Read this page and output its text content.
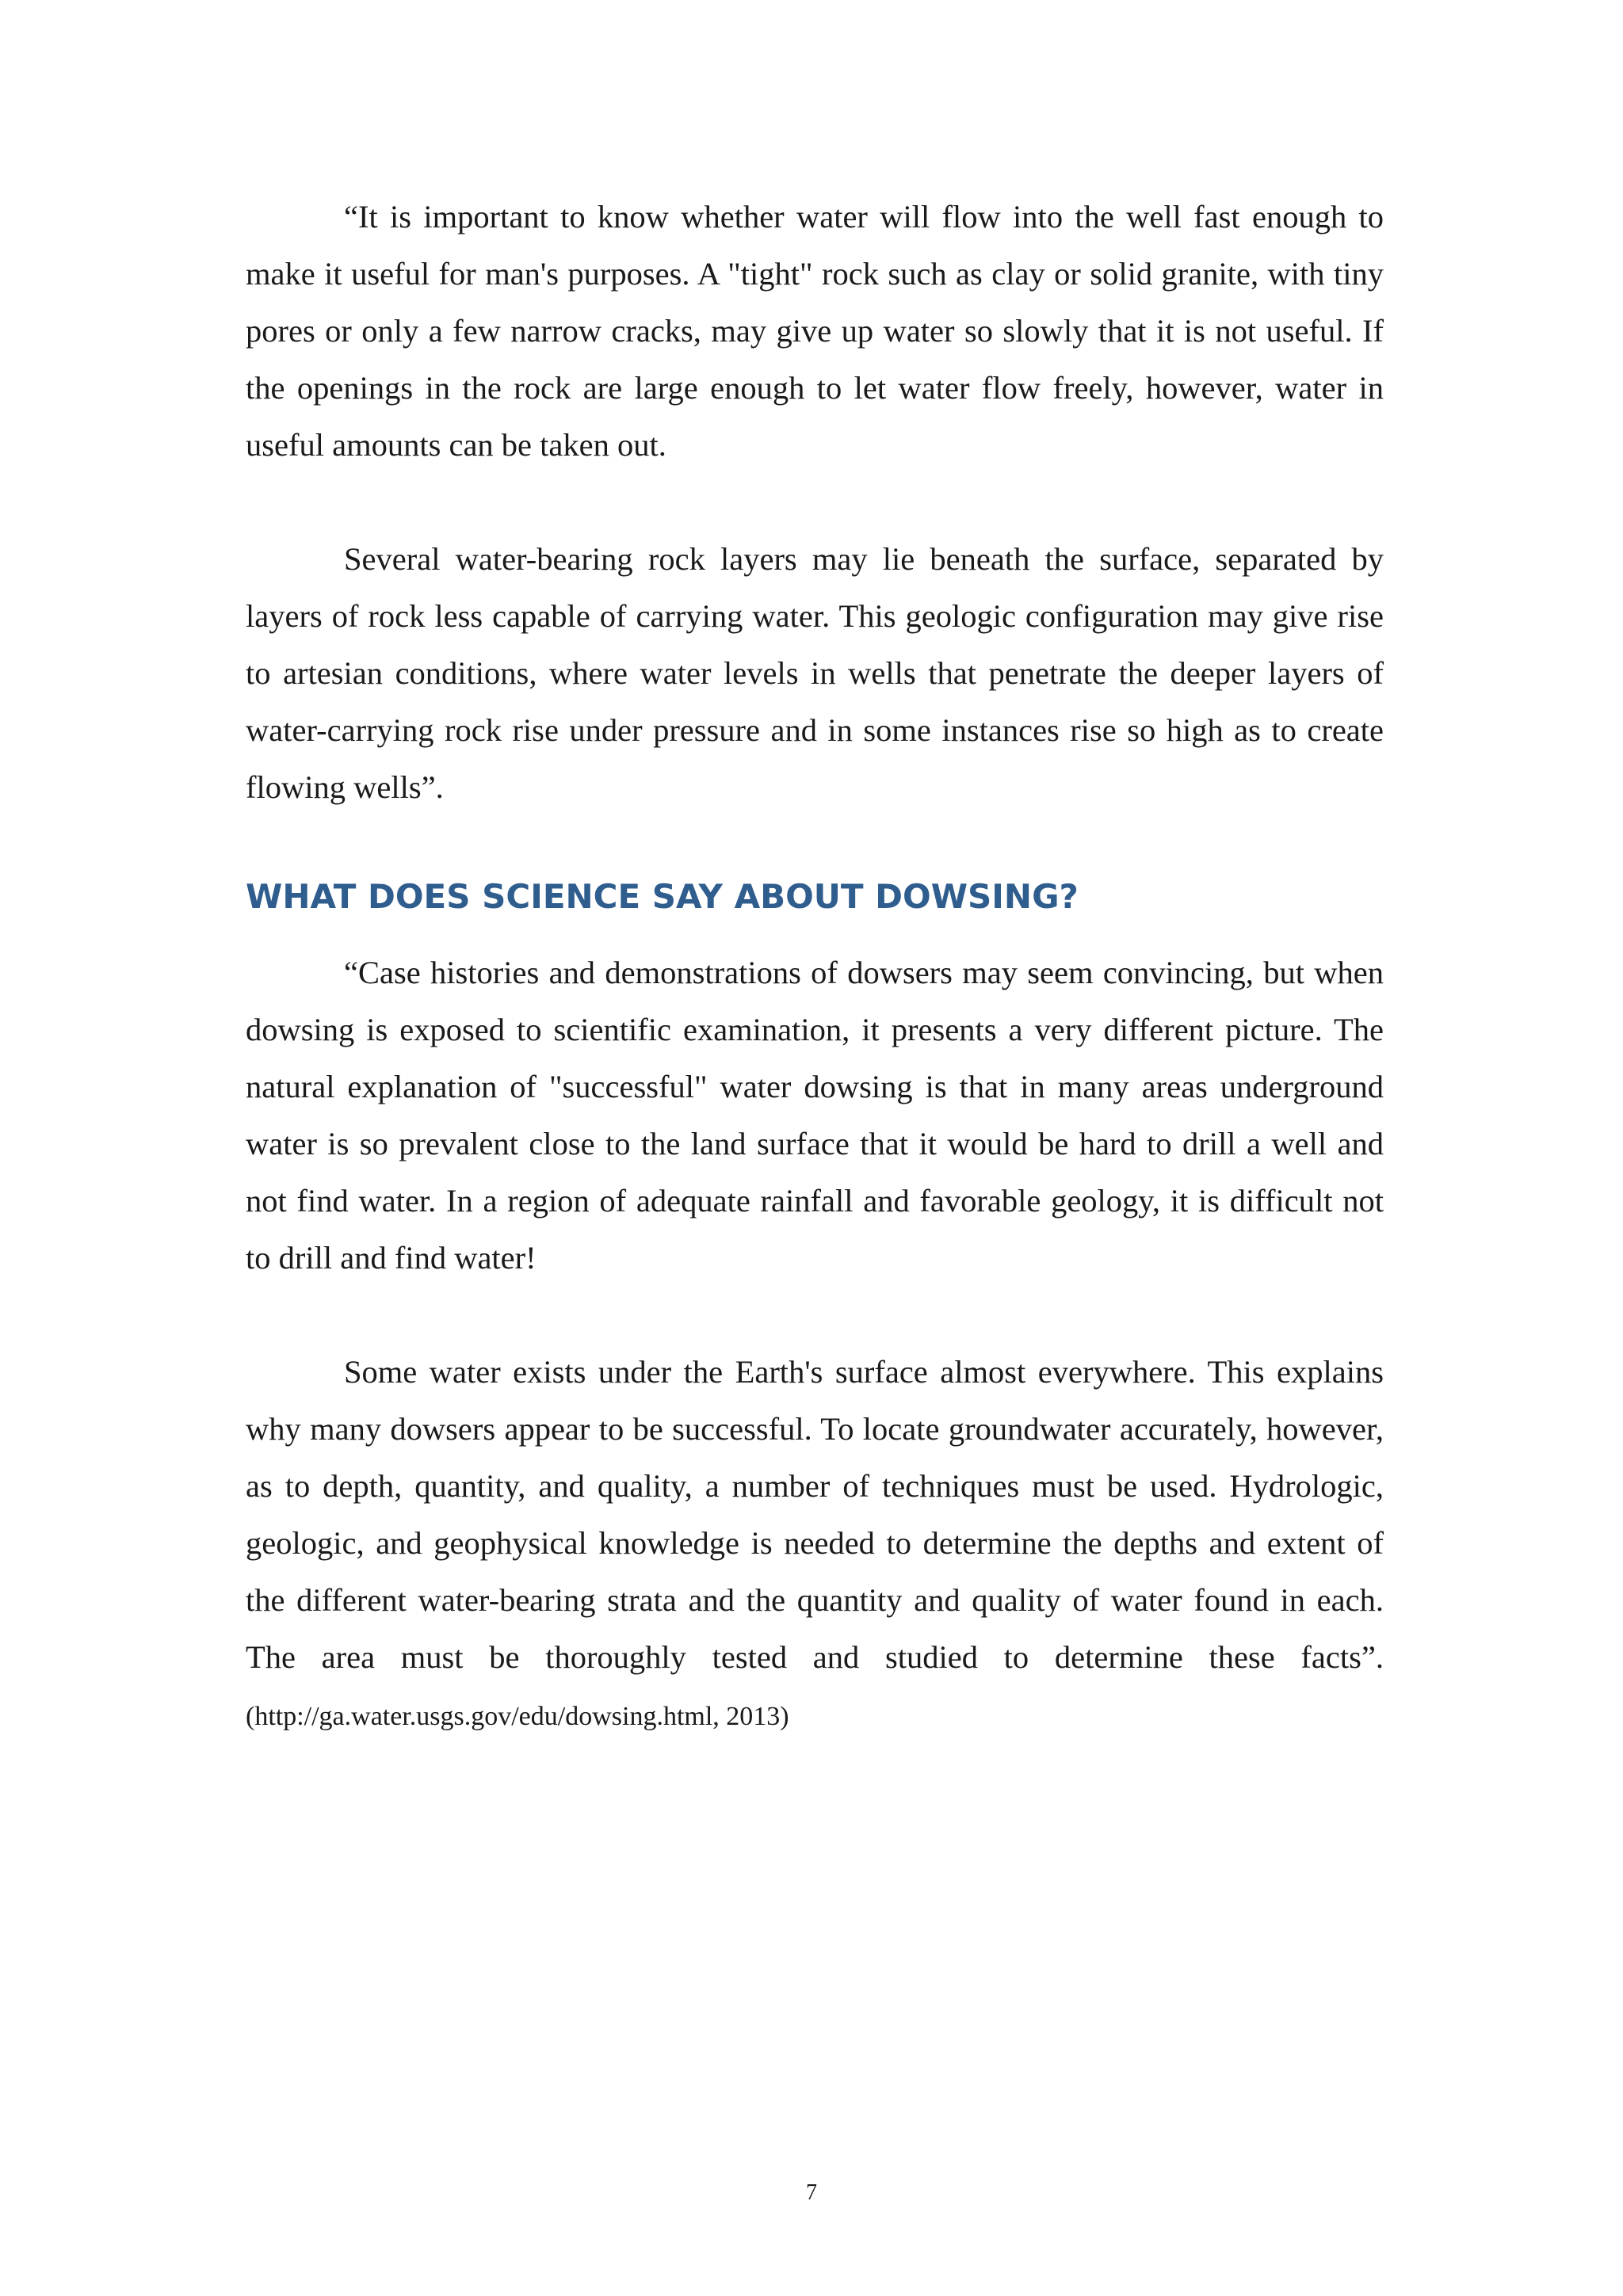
“It is important to know whether water will flow into the well fast enough to make it useful for man's purposes. A "tight" rock such as clay or solid granite, with tiny pores or only a few narrow cracks, may give up water so slowly that it is not useful. If the openings in the rock are large enough to let water flow freely, however, water in useful amounts can be taken out.

Several water-bearing rock layers may lie beneath the surface, separated by layers of rock less capable of carrying water. This geologic configuration may give rise to artesian conditions, where water levels in wells that penetrate the deeper layers of water-carrying rock rise under pressure and in some instances rise so high as to create flowing wells”.

WHAT DOES SCIENCE SAY ABOUT DOWSING?

“Case histories and demonstrations of dowsers may seem convincing, but when dowsing is exposed to scientific examination, it presents a very different picture. The natural explanation of "successful" water dowsing is that in many areas underground water is so prevalent close to the land surface that it would be hard to drill a well and not find water. In a region of adequate rainfall and favorable geology, it is difficult not to drill and find water!

Some water exists under the Earth's surface almost everywhere. This explains why many dowsers appear to be successful. To locate groundwater accurately, however, as to depth, quantity, and quality, a number of techniques must be used. Hydrologic, geologic, and geophysical knowledge is needed to determine the depths and extent of the different water-bearing strata and the quantity and quality of water found in each. The area must be thoroughly tested and studied to determine these facts”.(http://ga.water.usgs.gov/edu/dowsing.html, 2013)

7
